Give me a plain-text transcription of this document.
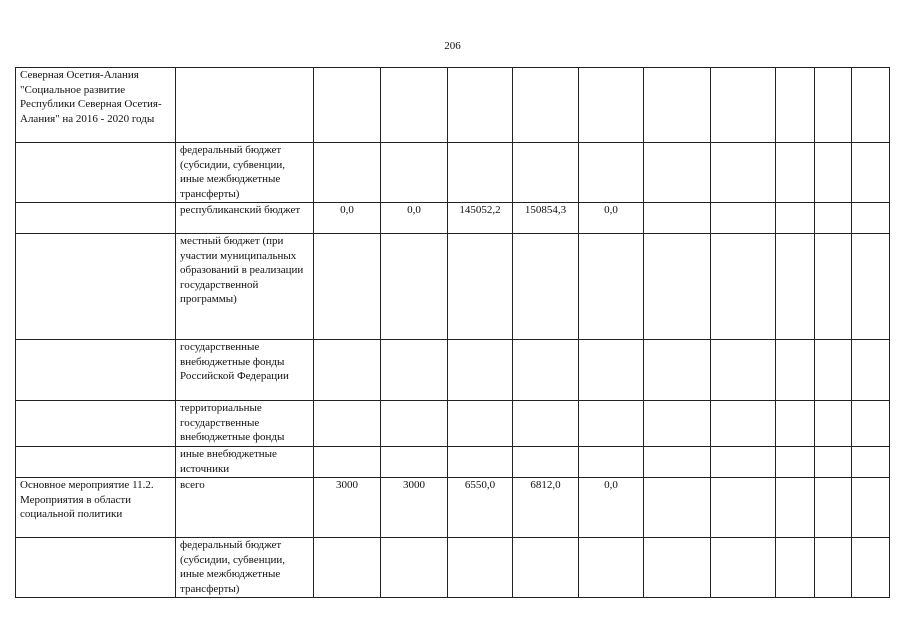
206
Северная Осетия-Алания "Социальное развитие Республики Северная Осетия-Алания" на 2016 - 2020 годы											
	федеральный бюджет (субсидии, субвенции, иные межбюджетные трансферты)										
	республиканский бюджет	0,0	0,0	145052,2	150854,3	0,0					
	местный бюджет (при участии муниципальных образований в реализации государственной программы)										
	государственные внебюджетные фонды Российской Федерации										
	территориальные государственные внебюджетные фонды										
	иные внебюджетные источники										
Основное мероприятие 11.2. Мероприятия в области социальной политики	всего	3000	3000	6550,0	6812,0	0,0					
	федеральный бюджет (субсидии, субвенции, иные межбюджетные трансферты)										
